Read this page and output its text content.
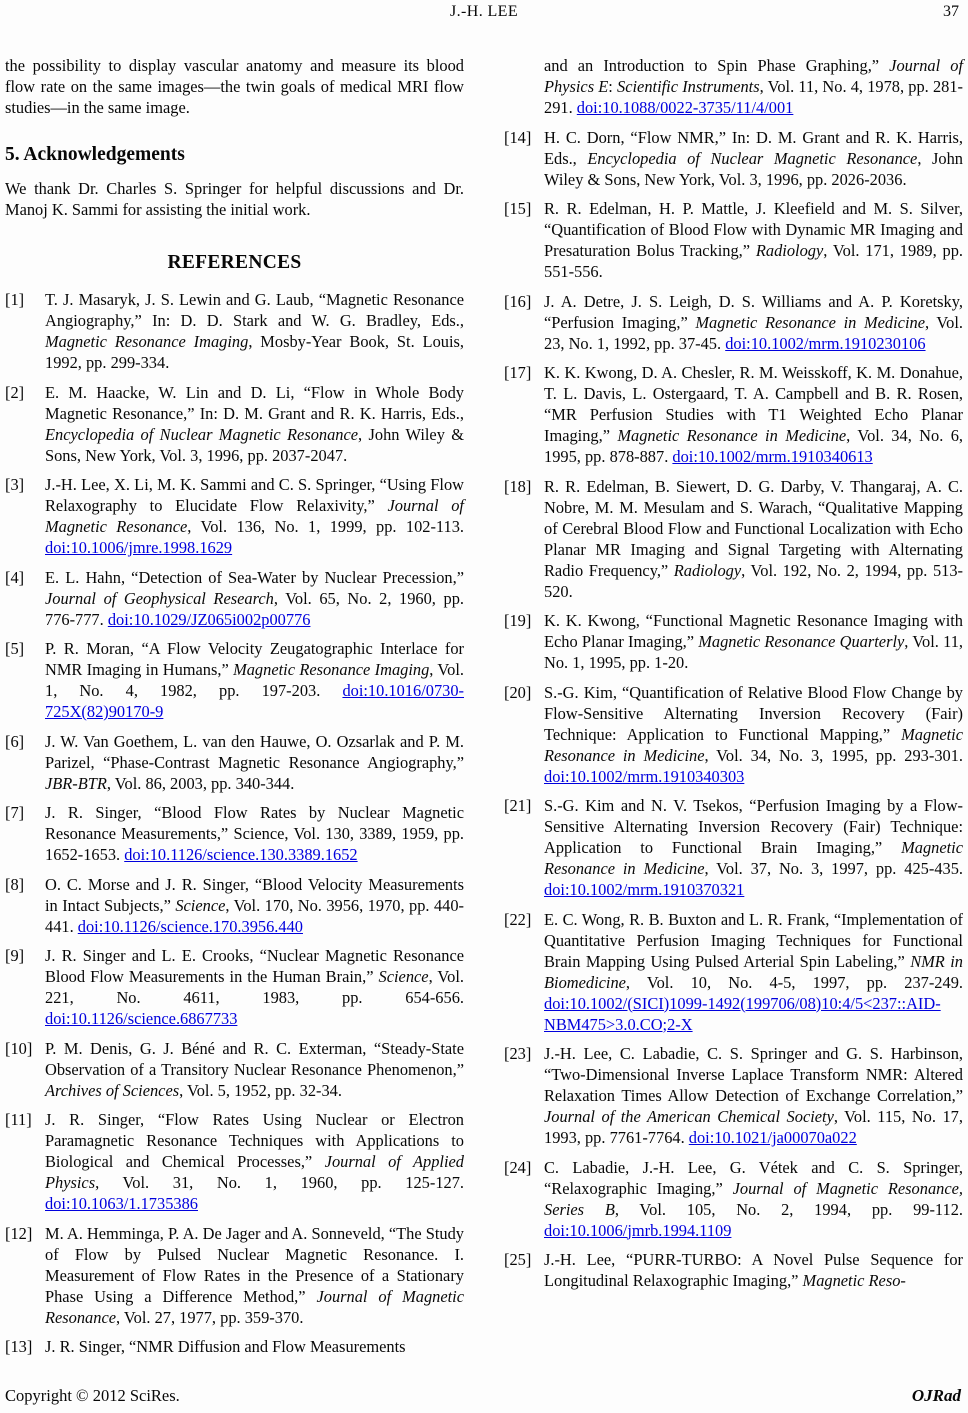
J.-H. LEE	37

the possibility to display vascular anatomy and measure its blood flow rate on the same images—the twin goals of medical MRI flow studies—in the same image.

5. Acknowledgements

We thank Dr. Charles S. Springer for helpful discussions and Dr. Manoj K. Sammi for assisting the initial work.

REFERENCES
[1]	T. J. Masaryk, J. S. Lewin and G. Laub, “Magnetic Resonance Angiography,” In: D. D. Stark and W. G. Bradley, Eds., Magnetic Resonance Imaging, Mosby-Year Book, St. Louis, 1992, pp. 299-334.
[2]	E. M. Haacke, W. Lin and D. Li, “Flow in Whole Body Magnetic Resonance,” In: D. M. Grant and R. K. Harris, Eds., Encyclopedia of Nuclear Magnetic Resonance, John Wiley & Sons, New York, Vol. 3, 1996, pp. 2037-2047.
[3]	J.-H. Lee, X. Li, M. K. Sammi and C. S. Springer, “Using Flow Relaxography to Elucidate Flow Relaxivity,” Journal of Magnetic Resonance, Vol. 136, No. 1, 1999, pp. 102-113. doi:10.1006/jmre.1998.1629
[4]	E. L. Hahn, “Detection of Sea-Water by Nuclear Precession,” Journal of Geophysical Research, Vol. 65, No. 2, 1960, pp. 776-777. doi:10.1029/JZ065i002p00776
[5]	P. R. Moran, “A Flow Velocity Zeugatographic Interlace for NMR Imaging in Humans,” Magnetic Resonance Imaging, Vol. 1, No. 4, 1982, pp. 197-203. doi:10.1016/0730-725X(82)90170-9
[6]	J. W. Van Goethem, L. van den Hauwe, O. Ozsarlak and P. M. Parizel, “Phase-Contrast Magnetic Resonance Angiography,” JBR-BTR, Vol. 86, 2003, pp. 340-344.
[7]	J. R. Singer, “Blood Flow Rates by Nuclear Magnetic Resonance Measurements,” Science, Vol. 130, 3389, 1959, pp. 1652-1653. doi:10.1126/science.130.3389.1652
[8]	O. C. Morse and J. R. Singer, “Blood Velocity Measurements in Intact Subjects,” Science, Vol. 170, No. 3956, 1970, pp. 440-441. doi:10.1126/science.170.3956.440
[9]	J. R. Singer and L. E. Crooks, “Nuclear Magnetic Resonance Blood Flow Measurements in the Human Brain,” Science, Vol. 221, No. 4611, 1983, pp. 654-656. doi:10.1126/science.6867733
[10] P. M. Denis, G. J. Béné and R. C. Exterman, “Steady-State Observation of a Transitory Nuclear Resonance Phenomenon,” Archives of Sciences, Vol. 5, 1952, pp. 32-34.
[11] J. R. Singer, “Flow Rates Using Nuclear or Electron Paramagnetic Resonance Techniques with Applications to Biological and Chemical Processes,” Journal of Applied Physics, Vol. 31, No. 1, 1960, pp. 125-127. doi:10.1063/1.1735386
[12] M. A. Hemminga, P. A. De Jager and A. Sonneveld, “The Study of Flow by Pulsed Nuclear Magnetic Resonance. I. Measurement of Flow Rates in the Presence of a Stationary Phase Using a Difference Method,” Journal of Magnetic Resonance, Vol. 27, 1977, pp. 359-370.
[13] J. R. Singer, “NMR Diffusion and Flow Measurements
and an Introduction to Spin Phase Graphing,” Journal of Physics E: Scientific Instruments, Vol. 11, No. 4, 1978, pp. 281-291. doi:10.1088/0022-3735/11/4/001
[14] H. C. Dorn, “Flow NMR,” In: D. M. Grant and R. K. Harris, Eds., Encyclopedia of Nuclear Magnetic Resonance, John Wiley & Sons, New York, Vol. 3, 1996, pp. 2026-2036.
[15] R. R. Edelman, H. P. Mattle, J. Kleefield and M. S. Silver, “Quantification of Blood Flow with Dynamic MR Imaging and Presaturation Bolus Tracking,” Radiology, Vol. 171, 1989, pp. 551-556.
[16] J. A. Detre, J. S. Leigh, D. S. Williams and A. P. Koretsky, “Perfusion Imaging,” Magnetic Resonance in Medicine, Vol. 23, No. 1, 1992, pp. 37-45. doi:10.1002/mrm.1910230106
[17] K. K. Kwong, D. A. Chesler, R. M. Weisskoff, K. M. Donahue, T. L. Davis, L. Ostergaard, T. A. Campbell and B. R. Rosen, “MR Perfusion Studies with T1 Weighted Echo Planar Imaging,” Magnetic Resonance in Medicine, Vol. 34, No. 6, 1995, pp. 878-887. doi:10.1002/mrm.1910340613
[18] R. R. Edelman, B. Siewert, D. G. Darby, V. Thangaraj, A. C. Nobre, M. M. Mesulam and S. Warach, “Qualitative Mapping of Cerebral Blood Flow and Functional Localization with Echo Planar MR Imaging and Signal Targeting with Alternating Radio Frequency,” Radiology, Vol. 192, No. 2, 1994, pp. 513-520.
[19] K. K. Kwong, “Functional Magnetic Resonance Imaging with Echo Planar Imaging,” Magnetic Resonance Quarterly, Vol. 11, No. 1, 1995, pp. 1-20.
[20] S.-G. Kim, “Quantification of Relative Blood Flow Change by Flow-Sensitive Alternating Inversion Recovery (Fair) Technique: Application to Functional Mapping,” Magnetic Resonance in Medicine, Vol. 34, No. 3, 1995, pp. 293-301. doi:10.1002/mrm.1910340303
[21] S.-G. Kim and N. V. Tsekos, “Perfusion Imaging by a Flow-Sensitive Alternating Inversion Recovery (Fair) Technique: Application to Functional Brain Imaging,” Magnetic Resonance in Medicine, Vol. 37, No. 3, 1997, pp. 425-435. doi:10.1002/mrm.1910370321
[22] E. C. Wong, R. B. Buxton and L. R. Frank, “Implementation of Quantitative Perfusion Imaging Techniques for Functional Brain Mapping Using Pulsed Arterial Spin Labeling,” NMR in Biomedicine, Vol. 10, No. 4-5, 1997, pp. 237-249. doi:10.1002/(SICI)1099-1492(199706/08)10:4/5<237::AID-NBM475>3.0.CO;2-X
[23] J.-H. Lee, C. Labadie, C. S. Springer and G. S. Harbinson, “Two-Dimensional Inverse Laplace Transform NMR: Altered Relaxation Times Allow Detection of Exchange Correlation,” Journal of the American Chemical Society, Vol. 115, No. 17, 1993, pp. 7761-7764. doi:10.1021/ja00070a022
[24] C. Labadie, J.-H. Lee, G. Vétek and C. S. Springer, “Relaxographic Imaging,” Journal of Magnetic Resonance, Series B, Vol. 105, No. 2, 1994, pp. 99-112. doi:10.1006/jmrb.1994.1109
[25] J.-H. Lee, “PURR-TURBO: A Novel Pulse Sequence for Longitudinal Relaxographic Imaging,” Magnetic Reso-
Copyright © 2012 SciRes.	OJRad
